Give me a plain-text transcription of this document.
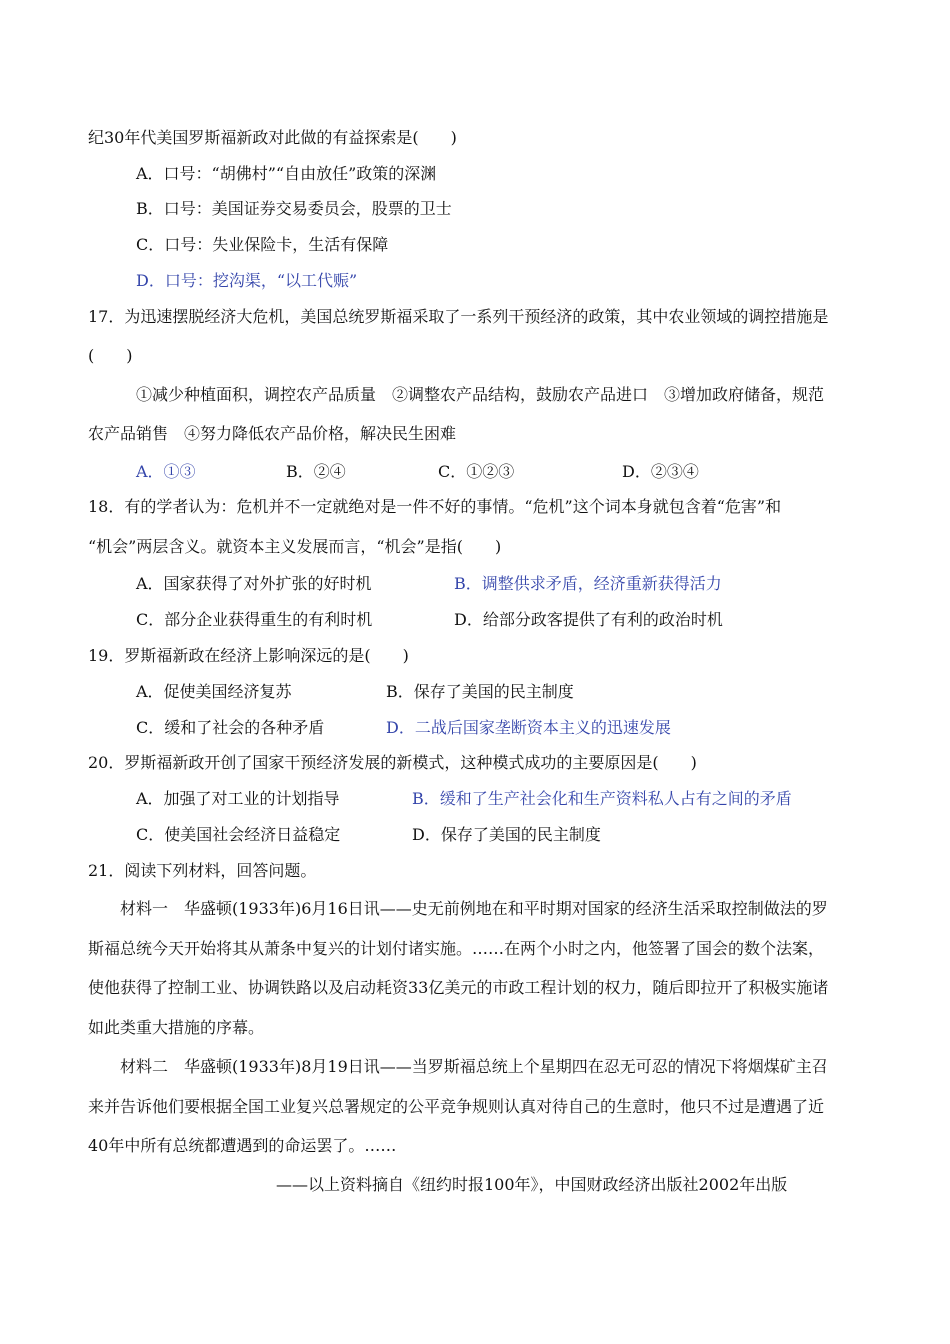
纪30年代美国罗斯福新政对此做的有益探索是(　　)
A．口号：“胡佛村”“自由放任”政策的深渊
B．口号：美国证券交易委员会，股票的卫士
C．口号：失业保险卡，生活有保障
D．口号：挖沟渠，“以工代赈”
17．为迅速摆脱经济大危机，美国总统罗斯福采取了一系列干预经济的政策，其中农业领域的调控措施是
(　　)
①减少种植面积，调控农产品质量　②调整农产品结构，鼓励农产品进口　③增加政府储备，规范
农产品销售　④努力降低农产品价格，解决民生困难
A．①③	B．②④	C．①②③	D．②③④
18．有的学者认为：危机并不一定就绝对是一件不好的事情。“危机”这个词本身就包含着“危害”和
“机会”两层含义。就资本主义发展而言，“机会”是指(　　)
A．国家获得了对外扩张的好时机	B．调整供求矛盾，经济重新获得活力
C．部分企业获得重生的有利时机	D．给部分政客提供了有利的政治时机
19．罗斯福新政在经济上影响深远的是(　　)
A．促使美国经济复苏	B．保存了美国的民主制度
C．缓和了社会的各种矛盾	D．二战后国家垄断资本主义的迅速发展
20．罗斯福新政开创了国家干预经济发展的新模式，这种模式成功的主要原因是(　　)
A．加强了对工业的计划指导	B．缓和了生产社会化和生产资料私人占有之间的矛盾
C．使美国社会经济日益稳定	D．保存了美国的民主制度
21．阅读下列材料，回答问题。
材料一　华盛顿(1933年)6月16日讯——史无前例地在和平时期对国家的经济生活采取控制做法的罗
斯福总统今天开始将其从萧条中复兴的计划付诸实施。……在两个小时之内，他签署了国会的数个法案，
使他获得了控制工业、协调铁路以及启动耗资33亿美元的市政工程计划的权力，随后即拉开了积极实施诸
如此类重大措施的序幕。
材料二　华盛顿(1933年)8月19日讯——当罗斯福总统上个星期四在忍无可忍的情况下将烟煤矿主召
来并告诉他们要根据全国工业复兴总署规定的公平竞争规则认真对待自己的生意时，他只不过是遭遇了近
40年中所有总统都遭遇到的命运罢了。……
——以上资料摘自《纽约时报100年》，中国财政经济出版社2002年出版
